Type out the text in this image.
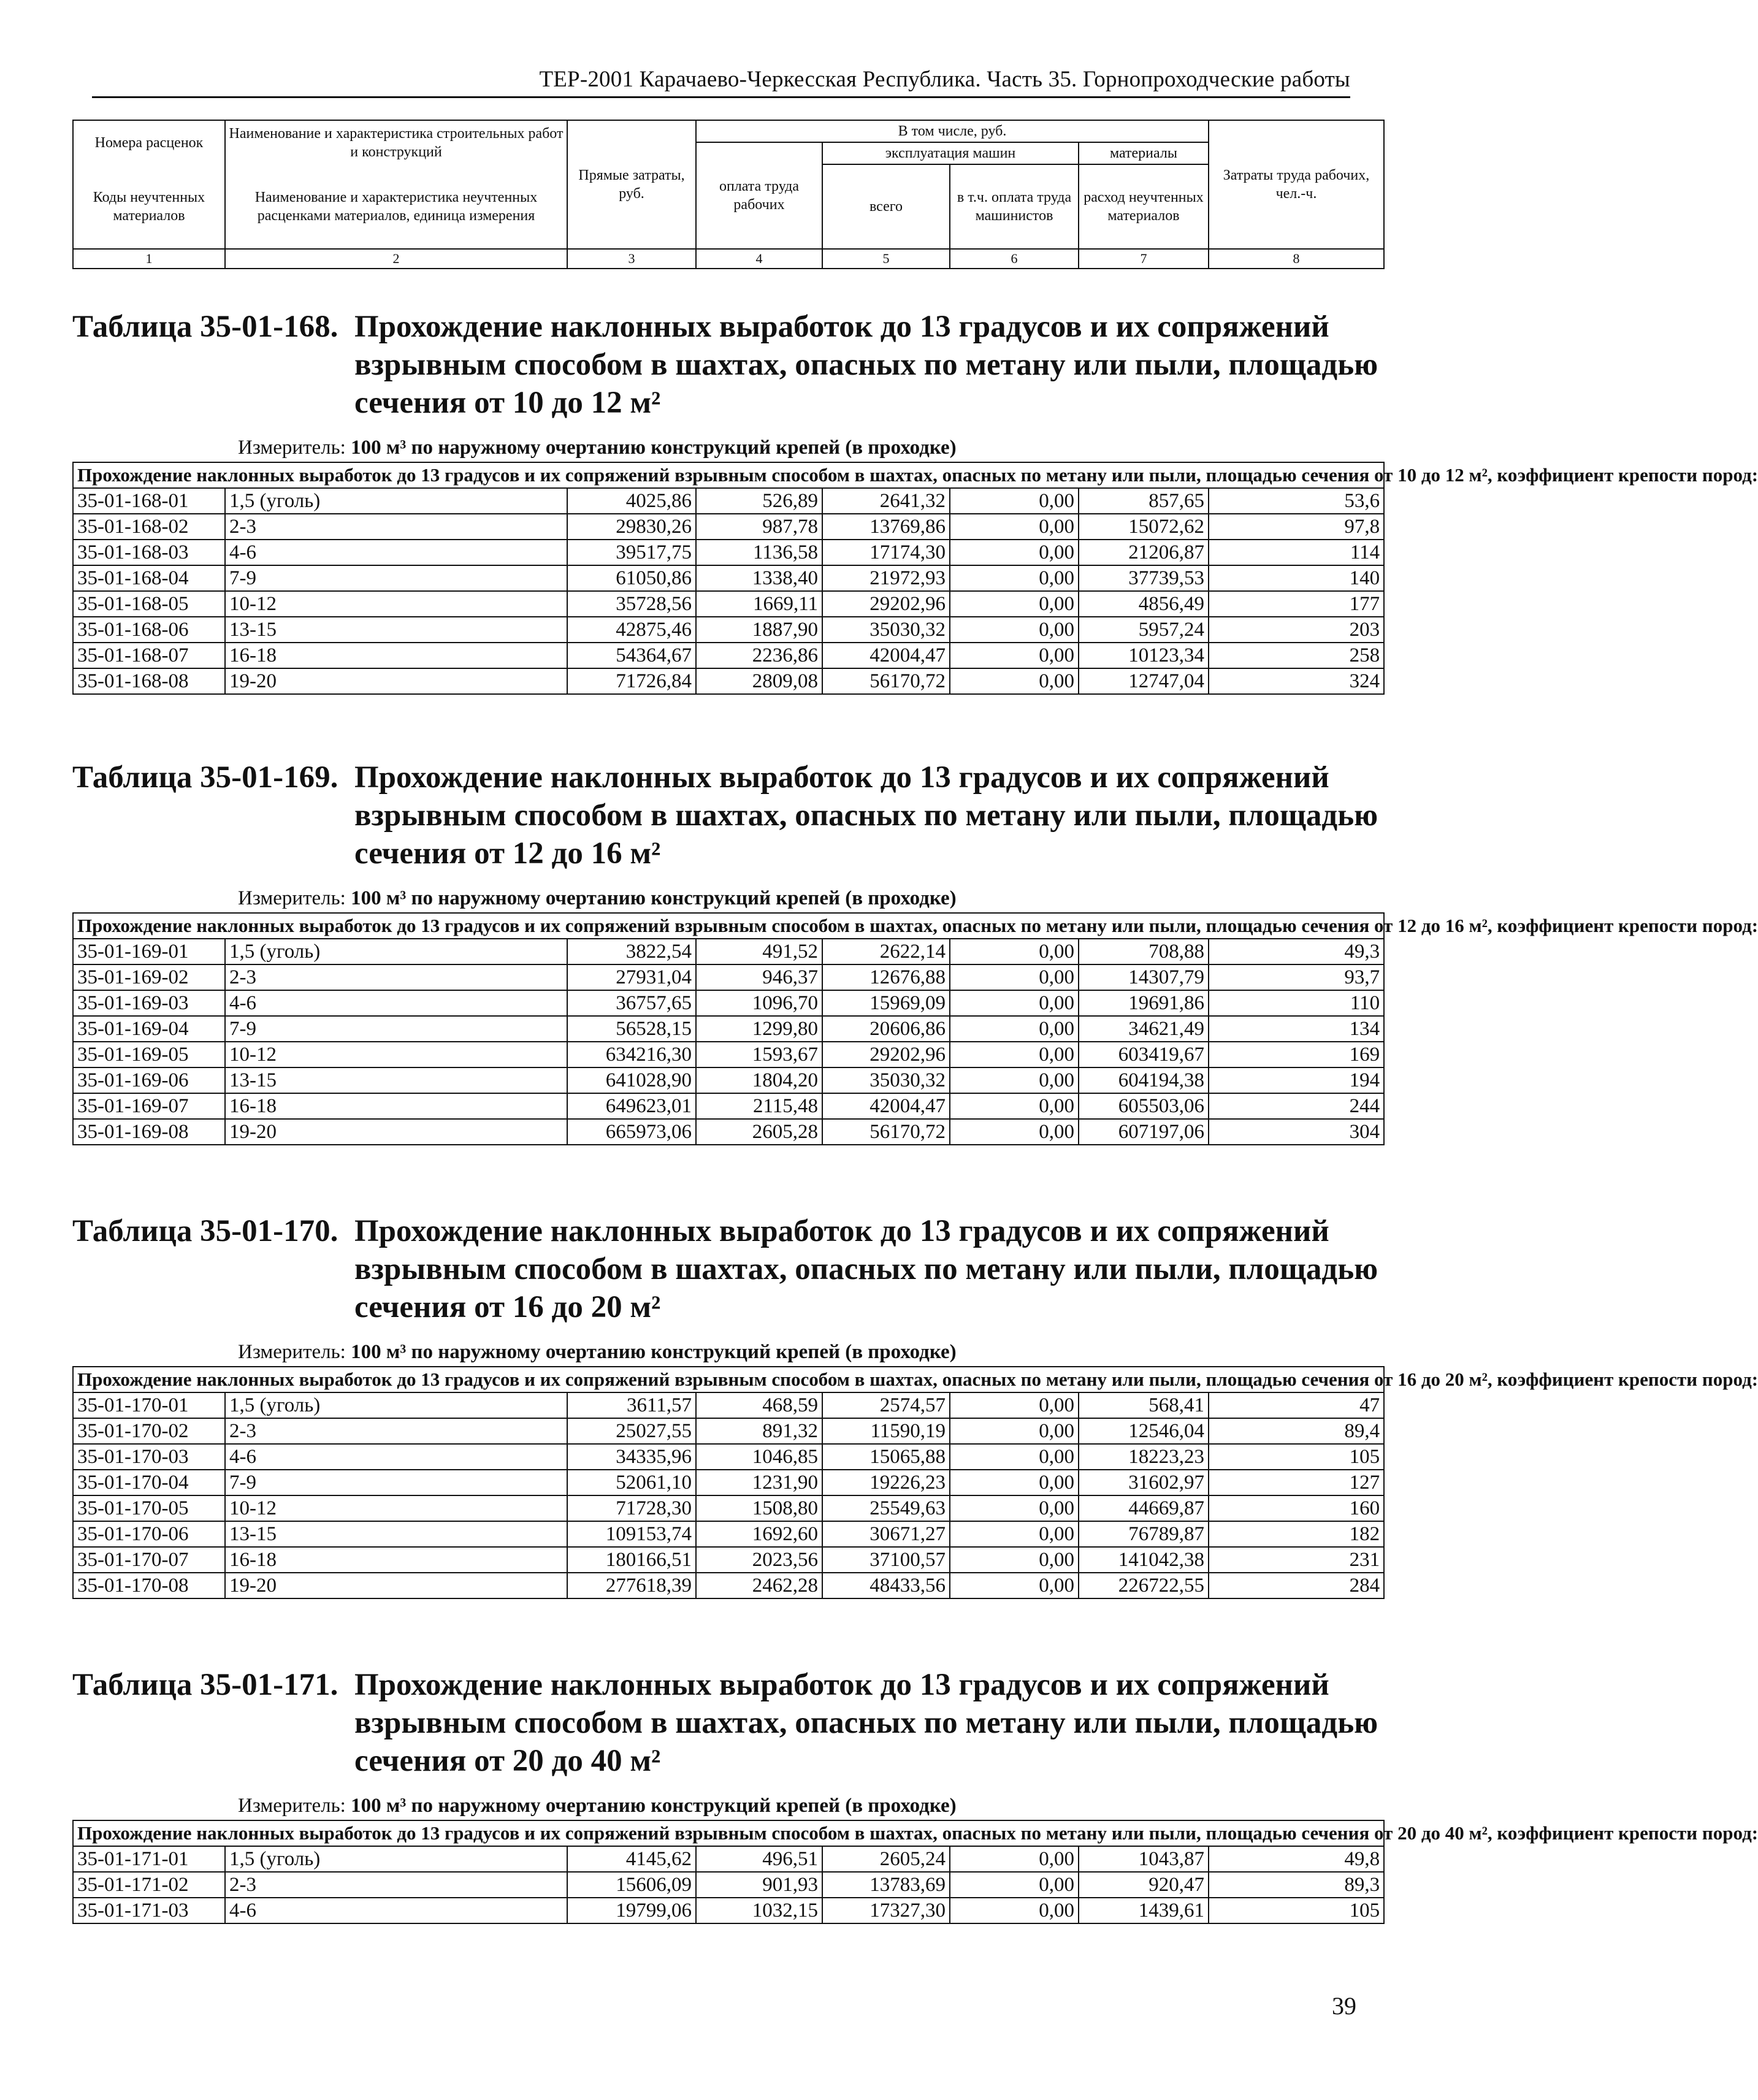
ТЕР-2001 Карачаево-Черкесская Республика. Часть 35. Горнопроходческие работы
Номера расценок	Наименование и характеристика строительных работ и конструкций	Прямые затраты, руб.	В том числе, руб.				Затраты труда рабочих, чел.-ч.
			оплата труда рабочих	эксплуатация машин		материалы	
Коды неучтенных материалов	Наименование и характеристика неучтенных расценками материалов, единица измерения			всего	в т.ч. оплата труда машинистов	расход неучтенных материалов	
1	2	3	4	5	6	7	8
Таблица 35-01-168. Прохождение наклонных выработок до 13 градусов и их сопряжений взрывным способом в шахтах, опасных по метану или пыли, площадью сечения от 10 до 12 м²
Измеритель: 100 м³ по наружному очертанию конструкций крепей (в проходке)
Прохождение наклонных выработок до 13 градусов и их сопряжений взрывным способом в шахтах, опасных по метану или пыли, площадью сечения от 10 до 12 м², коэффициент крепости пород:							
35-01-168-01	1,5 (уголь)	4025,86	526,89	2641,32	0,00	857,65	53,6
35-01-168-02	2-3	29830,26	987,78	13769,86	0,00	15072,62	97,8
35-01-168-03	4-6	39517,75	1136,58	17174,30	0,00	21206,87	114
35-01-168-04	7-9	61050,86	1338,40	21972,93	0,00	37739,53	140
35-01-168-05	10-12	35728,56	1669,11	29202,96	0,00	4856,49	177
35-01-168-06	13-15	42875,46	1887,90	35030,32	0,00	5957,24	203
35-01-168-07	16-18	54364,67	2236,86	42004,47	0,00	10123,34	258
35-01-168-08	19-20	71726,84	2809,08	56170,72	0,00	12747,04	324
Таблица 35-01-169. Прохождение наклонных выработок до 13 градусов и их сопряжений взрывным способом в шахтах, опасных по метану или пыли, площадью сечения от 12 до 16 м²
Измеритель: 100 м³ по наружному очертанию конструкций крепей (в проходке)
Прохождение наклонных выработок до 13 градусов и их сопряжений взрывным способом в шахтах, опасных по метану или пыли, площадью сечения от 12 до 16 м², коэффициент крепости пород:							
35-01-169-01	1,5 (уголь)	3822,54	491,52	2622,14	0,00	708,88	49,3
35-01-169-02	2-3	27931,04	946,37	12676,88	0,00	14307,79	93,7
35-01-169-03	4-6	36757,65	1096,70	15969,09	0,00	19691,86	110
35-01-169-04	7-9	56528,15	1299,80	20606,86	0,00	34621,49	134
35-01-169-05	10-12	634216,30	1593,67	29202,96	0,00	603419,67	169
35-01-169-06	13-15	641028,90	1804,20	35030,32	0,00	604194,38	194
35-01-169-07	16-18	649623,01	2115,48	42004,47	0,00	605503,06	244
35-01-169-08	19-20	665973,06	2605,28	56170,72	0,00	607197,06	304
Таблица 35-01-170. Прохождение наклонных выработок до 13 градусов и их сопряжений взрывным способом в шахтах, опасных по метану или пыли, площадью сечения от 16 до 20 м²
Измеритель: 100 м³ по наружному очертанию конструкций крепей (в проходке)
Прохождение наклонных выработок до 13 градусов и их сопряжений взрывным способом в шахтах, опасных по метану или пыли, площадью сечения от 16 до 20 м², коэффициент крепости пород:							
35-01-170-01	1,5 (уголь)	3611,57	468,59	2574,57	0,00	568,41	47
35-01-170-02	2-3	25027,55	891,32	11590,19	0,00	12546,04	89,4
35-01-170-03	4-6	34335,96	1046,85	15065,88	0,00	18223,23	105
35-01-170-04	7-9	52061,10	1231,90	19226,23	0,00	31602,97	127
35-01-170-05	10-12	71728,30	1508,80	25549,63	0,00	44669,87	160
35-01-170-06	13-15	109153,74	1692,60	30671,27	0,00	76789,87	182
35-01-170-07	16-18	180166,51	2023,56	37100,57	0,00	141042,38	231
35-01-170-08	19-20	277618,39	2462,28	48433,56	0,00	226722,55	284
Таблица 35-01-171. Прохождение наклонных выработок до 13 градусов и их сопряжений взрывным способом в шахтах, опасных по метану или пыли, площадью сечения от 20 до 40 м²
Измеритель: 100 м³ по наружному очертанию конструкций крепей (в проходке)
Прохождение наклонных выработок до 13 градусов и их сопряжений взрывным способом в шахтах, опасных по метану или пыли, площадью сечения от 20 до 40 м², коэффициент крепости пород:							
35-01-171-01	1,5 (уголь)	4145,62	496,51	2605,24	0,00	1043,87	49,8
35-01-171-02	2-3	15606,09	901,93	13783,69	0,00	920,47	89,3
35-01-171-03	4-6	19799,06	1032,15	17327,30	0,00	1439,61	105
39
